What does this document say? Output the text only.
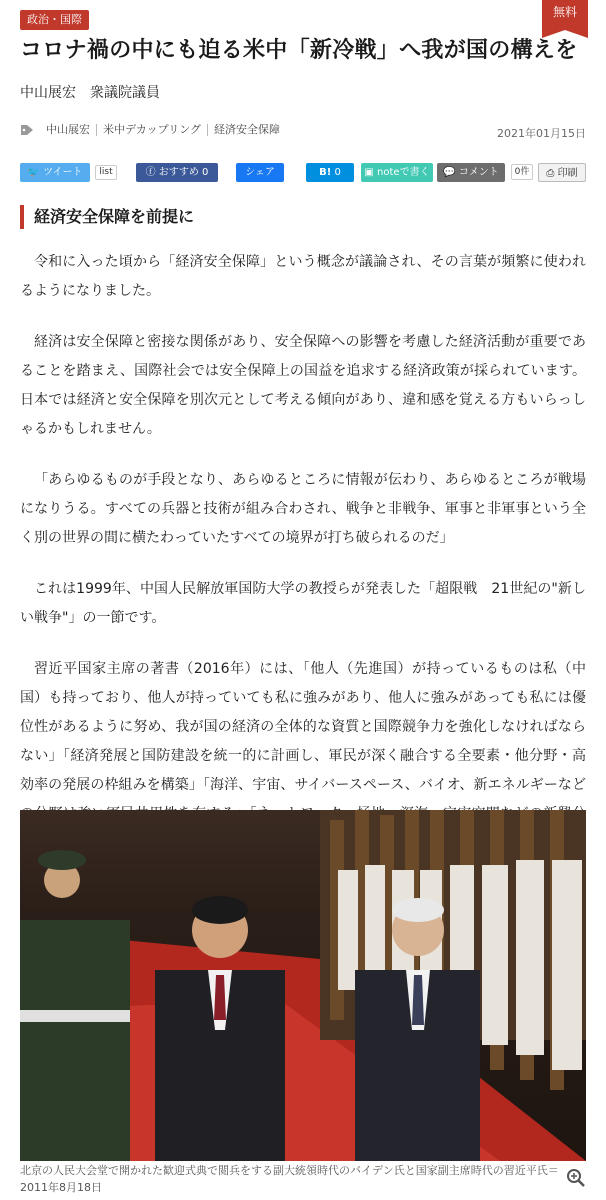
政治・国際
無料
コロナ禍の中にも迫る米中「新冷戦」へ我が国の構えを
中山展宏　衆議院議員
中山展宏	米中デカップリング	経済安全保障	2021年01月15日
🐦 ツイート	list	ⓕ おすすめ 0	シェア	B! 0	▣ noteで書く	💬 コメント	0件	⎙ 印刷
経済安全保障を前提に

令和に入った頃から「経済安全保障」という概念が議論され、その言葉が頻繁に使われるようになりました。

経済は安全保障と密接な関係があり、安全保障への影響を考慮した経済活動が重要であることを踏まえ、国際社会では安全保障上の国益を追求する経済政策が採られています。日本では経済と安全保障を別次元として考える傾向があり、違和感を覚える方もいらっしゃるかもしれません。

「あらゆるものが手段となり、あらゆるところに情報が伝わり、あらゆるところが戦場になりうる。すべての兵器と技術が組み合わされ、戦争と非戦争、軍事と非軍事という全く別の世界の間に横たわっていたすべての境界が打ち破られるのだ」

これは1999年、中国人民解放軍国防大学の教授らが発表した「超限戦　21世紀の"新しい戦争"」の一節です。

習近平国家主席の著書（2016年）には、「他人（先進国）が持っているものは私（中国）も持っており、他人が持っていても私に強みがあり、他人に強みがあっても私には優位性があるように努め、我が国の経済の全体的な資質と国際競争力を強化しなければならない」「経済発展と国防建設を統一的に計画し、軍民が深く融合する全要素・他分野・高効率の発展の枠組みを構築」「海洋、宇宙、サイバースペース、バイオ、新エネルギーなど

北京の人民大会堂で開かれた歓迎式典で閲兵をする副大統領時代のバイデン氏と国家副主席時代の習近平氏＝2011年8月18日
